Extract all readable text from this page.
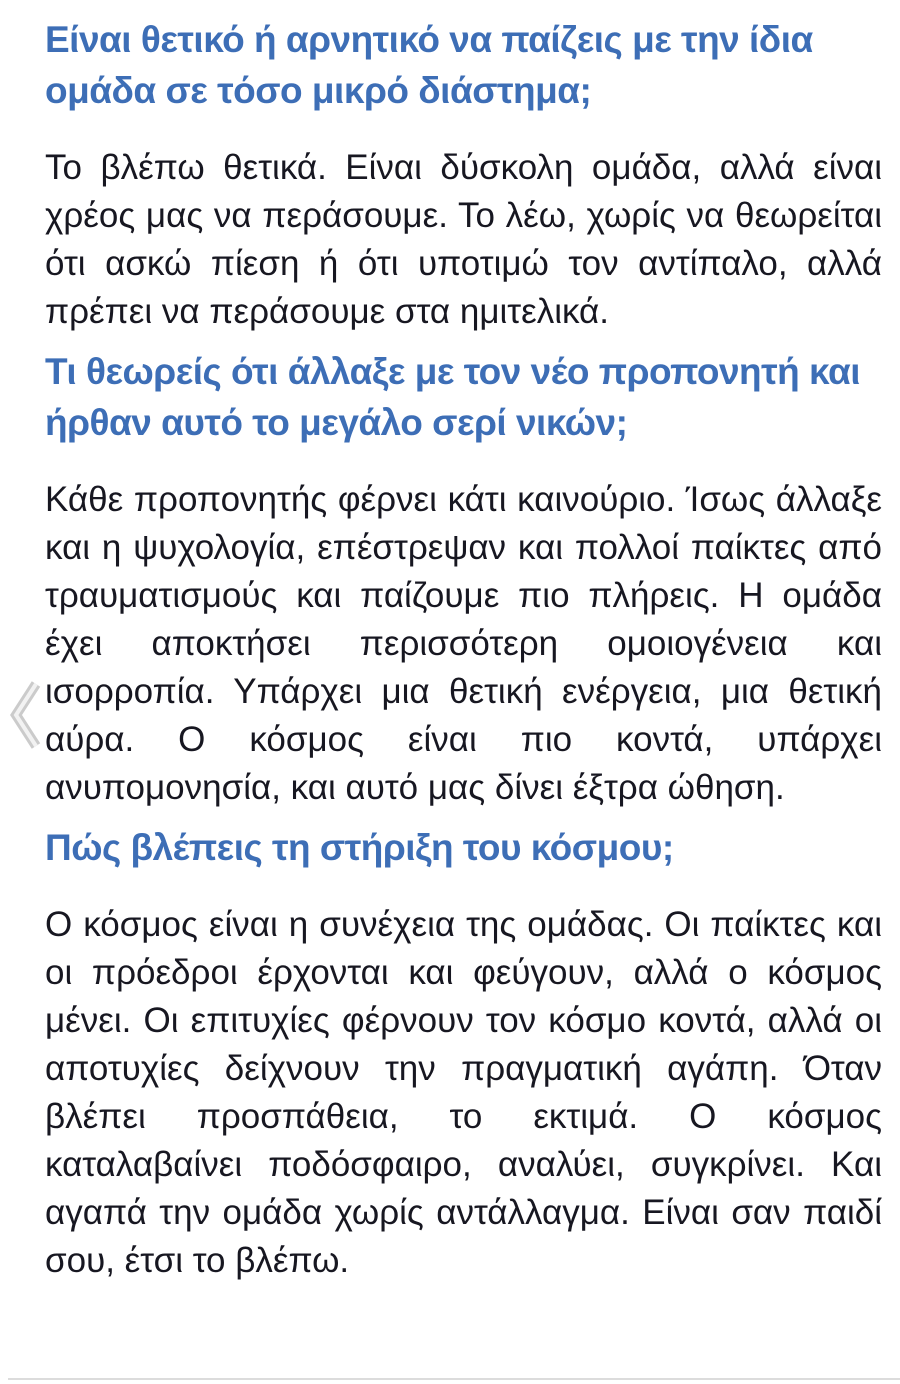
Είναι θετικό ή αρνητικό να παίζεις με την ίδια ομάδα σε τόσο μικρό διάστημα;

Το βλέπω θετικά. Είναι δύσκολη ομάδα, αλλά είναι χρέος μας να περάσουμε. Το λέω, χωρίς να θεωρείται ότι ασκώ πίεση ή ότι υποτιμώ τον αντίπαλο, αλλά πρέπει να περάσουμε στα ημιτελικά.

Τι θεωρείς ότι άλλαξε με τον νέο προπονητή και ήρθαν αυτό το μεγάλο σερί νικών;

Κάθε προπονητής φέρνει κάτι καινούριο. Ίσως άλλαξε και η ψυχολογία, επέστρεψαν και πολλοί παίκτες από τραυματισμούς και παίζουμε πιο πλήρεις. Η ομάδα έχει αποκτήσει περισσότερη ομοιογένεια και ισορροπία. Υπάρχει μια θετική ενέργεια, μια θετική αύρα. Ο κόσμος είναι πιο κοντά, υπάρχει ανυπομονησία, και αυτό μας δίνει έξτρα ώθηση.

Πώς βλέπεις τη στήριξη του κόσμου;

Ο κόσμος είναι η συνέχεια της ομάδας. Οι παίκτες και οι πρόεδροι έρχονται και φεύγουν, αλλά ο κόσμος μένει. Οι επιτυχίες φέρνουν τον κόσμο κοντά, αλλά οι αποτυχίες δείχνουν την πραγματική αγάπη. Όταν βλέπει προσπάθεια, το εκτιμά. Ο κόσμος καταλαβαίνει ποδόσφαιρο, αναλύει, συγκρίνει. Και αγαπά την ομάδα χωρίς αντάλλαγμα. Είναι σαν παιδί σου, έτσι το βλέπω.
